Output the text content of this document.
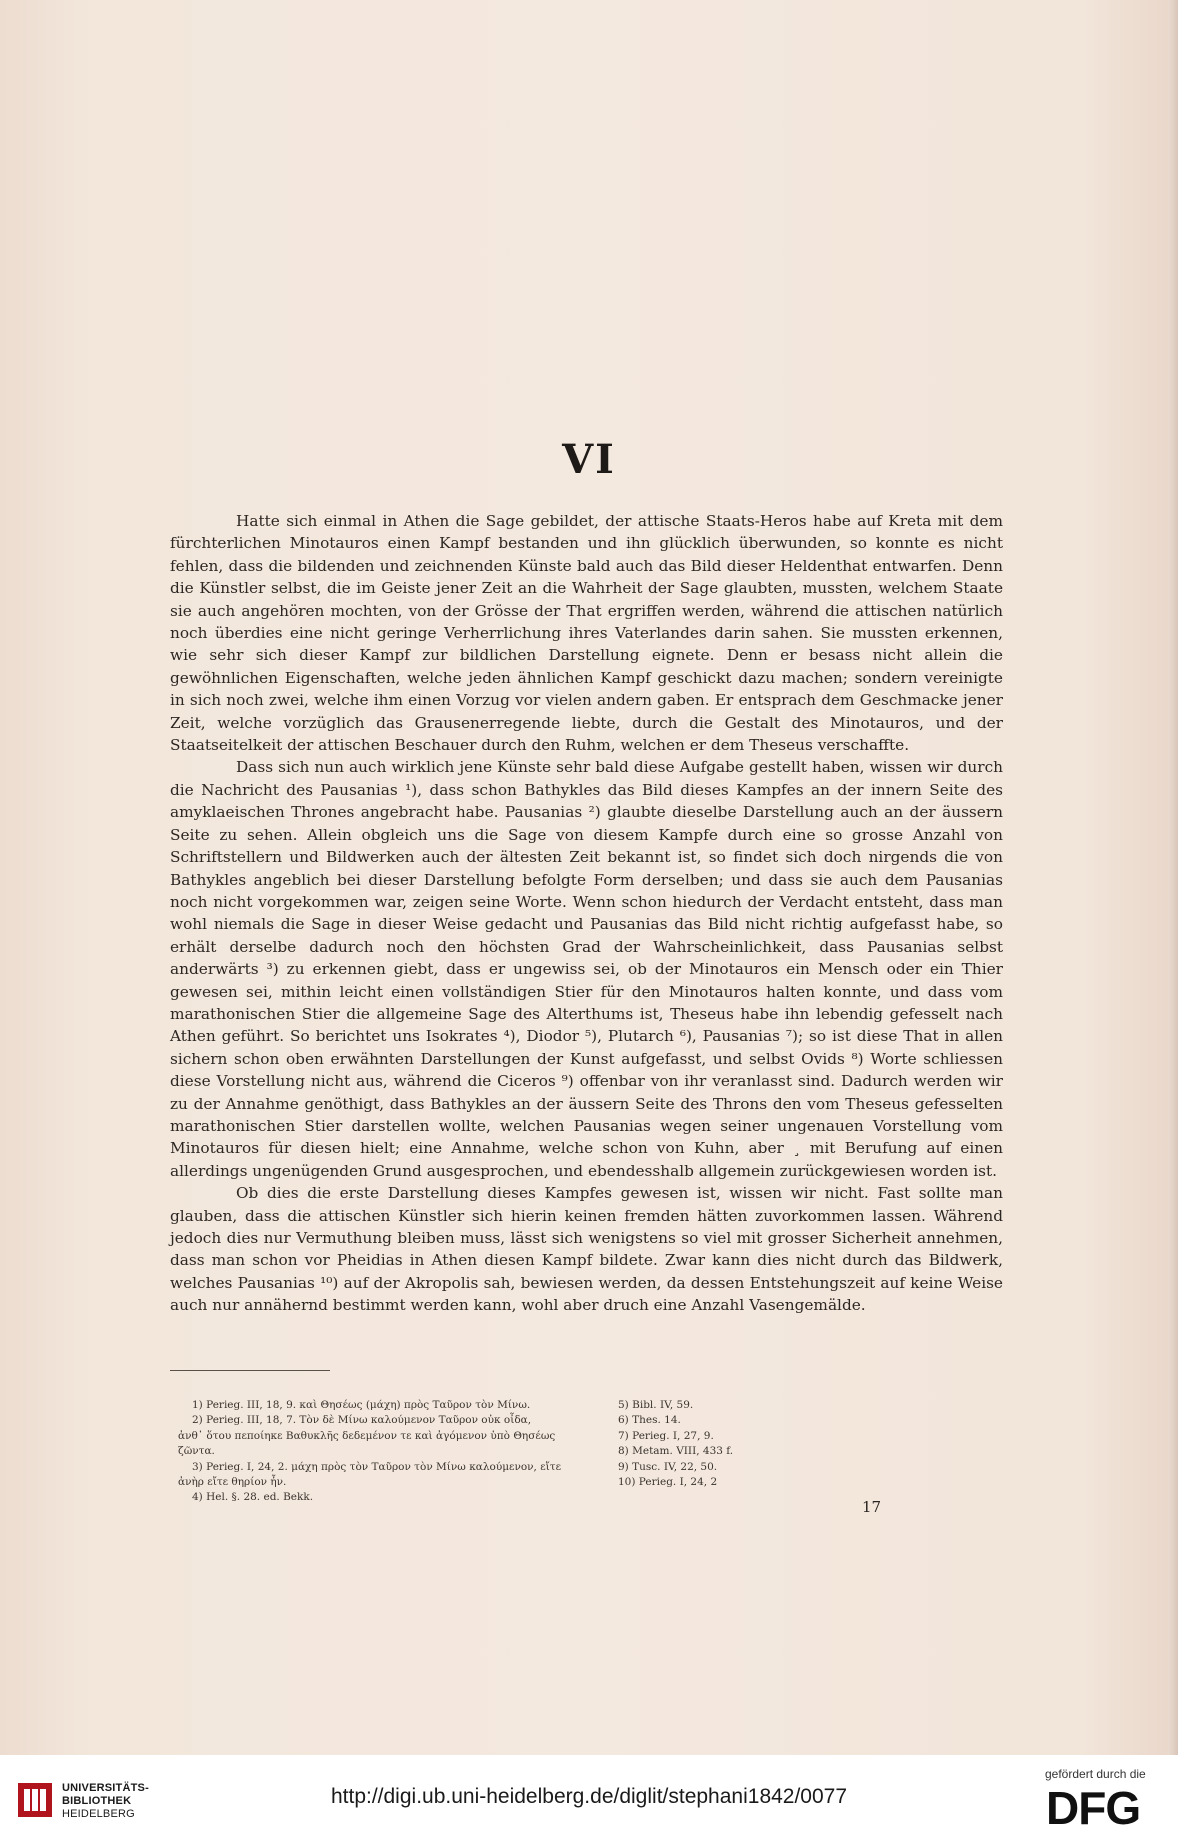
VI

Hatte sich einmal in Athen die Sage gebildet, der attische Staats-Heros habe auf Kreta mit dem fürchterlichen Minotauros einen Kampf bestanden und ihn glücklich überwunden, so konnte es nicht fehlen, dass die bildenden und zeichnenden Künste bald auch das Bild dieser Heldenthat entwarfen. Denn die Künstler selbst, die im Geiste jener Zeit an die Wahrheit der Sage glaubten, mussten, welchem Staate sie auch angehören mochten, von der Grösse der That ergriffen werden, während die attischen natürlich noch überdies eine nicht geringe Verherrlichung ihres Vaterlandes darin sahen. Sie mussten erkennen, wie sehr sich dieser Kampf zur bildlichen Darstellung eignete. Denn er besass nicht allein die gewöhnlichen Eigenschaften, welche jeden ähnlichen Kampf geschickt dazu machen; sondern vereinigte in sich noch zwei, welche ihm einen Vorzug vor vielen andern gaben. Er entsprach dem Geschmacke jener Zeit, welche vorzüglich das Grausenerregende liebte, durch die Gestalt des Minotauros, und der Staatseitelkeit der attischen Beschauer durch den Ruhm, welchen er dem Theseus verschaffte.

Dass sich nun auch wirklich jene Künste sehr bald diese Aufgabe gestellt haben, wissen wir durch die Nachricht des Pausanias ¹), dass schon Bathykles das Bild dieses Kampfes an der innern Seite des amyklaeischen Thrones angebracht habe. Pausanias ²) glaubte dieselbe Darstellung auch an der äussern Seite zu sehen. Allein obgleich uns die Sage von diesem Kampfe durch eine so grosse Anzahl von Schriftstellern und Bildwerken auch der ältesten Zeit bekannt ist, so findet sich doch nirgends die von Bathykles angeblich bei dieser Darstellung befolgte Form derselben; und dass sie auch dem Pausanias noch nicht vorgekommen war, zeigen seine Worte. Wenn schon hiedurch der Verdacht entsteht, dass man wohl niemals die Sage in dieser Weise gedacht und Pausanias das Bild nicht richtig aufgefasst habe, so erhält derselbe dadurch noch den höchsten Grad der Wahrscheinlichkeit, dass Pausanias selbst anderwärts ³) zu erkennen giebt, dass er ungewiss sei, ob der Minotauros ein Mensch oder ein Thier gewesen sei, mithin leicht einen vollständigen Stier für den Minotauros halten konnte, und dass vom marathonischen Stier die allgemeine Sage des Alterthums ist, Theseus habe ihn lebendig gefesselt nach Athen geführt. So berichtet uns Isokrates ⁴), Diodor ⁵), Plutarch ⁶), Pausanias ⁷); so ist diese That in allen sichern schon oben erwähnten Darstellungen der Kunst aufgefasst, und selbst Ovids ⁸) Worte schliessen diese Vorstellung nicht aus, während die Ciceros ⁹) offenbar von ihr veranlasst sind. Dadurch werden wir zu der Annahme genöthigt, dass Bathykles an der äussern Seite des Throns den vom Theseus gefesselten marathonischen Stier darstellen wollte, welchen Pausanias wegen seiner ungenauen Vorstellung vom Minotauros für diesen hielt; eine Annahme, welche schon von Kuhn, aber ¸ mit Berufung auf einen allerdings ungenügenden Grund ausgesprochen, und ebendesshalb allgemein zurückgewiesen worden ist.

Ob dies die erste Darstellung dieses Kampfes gewesen ist, wissen wir nicht. Fast sollte man glauben, dass die attischen Künstler sich hierin keinen fremden hätten zuvorkommen lassen. Während jedoch dies nur Vermuthung bleiben muss, lässt sich wenigstens so viel mit grosser Sicherheit annehmen, dass man schon vor Pheidias in Athen diesen Kampf bildete. Zwar kann dies nicht durch das Bildwerk, welches Pausanias ¹⁰) auf der Akropolis sah, bewiesen werden, da dessen Entstehungszeit auf keine Weise auch nur annähernd bestimmt werden kann, wohl aber druch eine Anzahl Vasengemälde.

1) Perieg. III, 18, 9. καὶ Θησέως (μάχη) πρὸς Ταῦρον τὸν Μίνω.

2) Perieg. III, 18, 7. Τὸν δὲ Μίνω καλούμενον Ταῦρον οὐκ οἶδα,

ἀνθ᾽ ὅτου πεποίηκε Βαθυκλῆς δεδεμένον τε καὶ ἀγόμενον ὑπὸ Θησέως ζῶντα.

3) Perieg. I, 24, 2. μάχη πρὸς τὸν Ταῦρον τὸν Μίνω καλούμενον, εἴτε

ἀνὴρ εἴτε θηρίον ἦν.

4) Hel. §. 28. ed. Bekk.

5) Bibl. IV, 59.

6) Thes. 14.

7) Perieg. I, 27, 9.

8) Metam. VIII, 433 f.

9) Tusc. IV, 22, 50.

10) Perieg. I, 24, 2

17
UNIVERSITÄTS-
BIBLIOTHEK
HEIDELBERG
http://digi.ub.uni-heidelberg.de/diglit/stephani1842/0077
gefördert durch die
DFG
